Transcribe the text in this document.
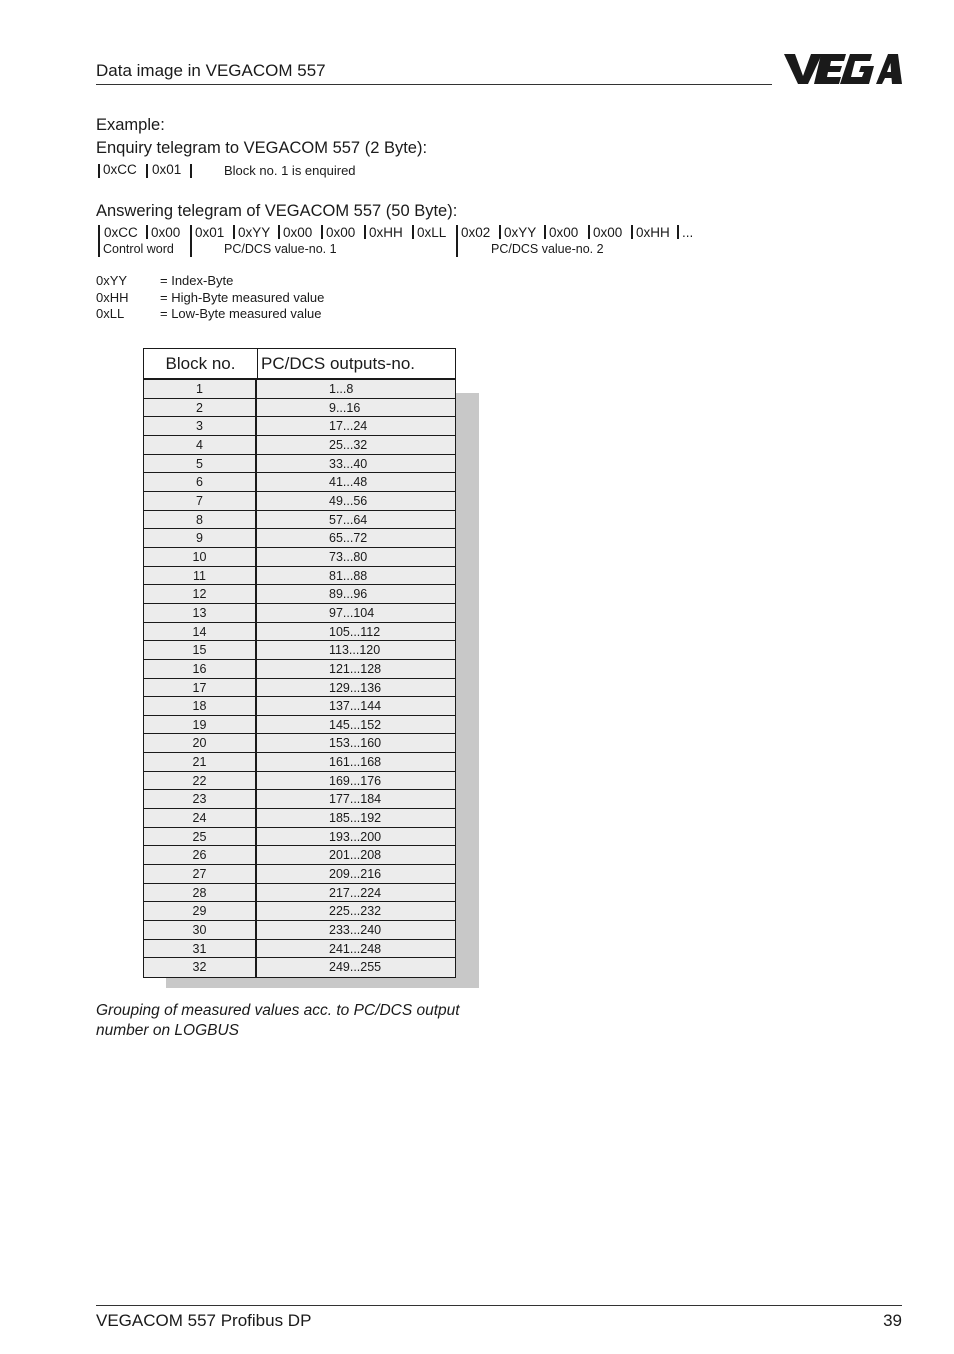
Data image in VEGACOM 557
Example:
Enquiry telegram to VEGACOM 557 (2 Byte):
0xCC 0x01	Block no. 1 is enquired
Answering telegram of VEGACOM 557 (50 Byte):
0xCC 0x00 0x01 0xYY 0x00 0x00 0xHH 0xLL 0x02 0xYY 0x00 0x00 0xHH ...
Control word	PC/DCS value-no. 1	PC/DCS value-no. 2
0xYY	= Index-Byte
0xHH = High-Byte measured value
0xLL	= Low-Byte measured value
Block no.	PC/DCS outputs-no.
1	1...8
2	9...16
3	17...24
4	25...32
5	33...40
6	41...48
7	49...56
8	57...64
9	65...72
10	73...80
11	81...88
12	89...96
13	97...104
14	105...112
15	113...120
16	121...128
17	129...136
18	137...144
19	145...152
20	153...160
21	161...168
22	169...176
23	177...184
24	185...192
25	193...200
26	201...208
27	209...216
28	217...224
29	225...232
30	233...240
31	241...248
32	249...255
Grouping of measured values acc. to PC/DCS output number on LOGBUS
VEGACOM 557 Profibus DP	39
